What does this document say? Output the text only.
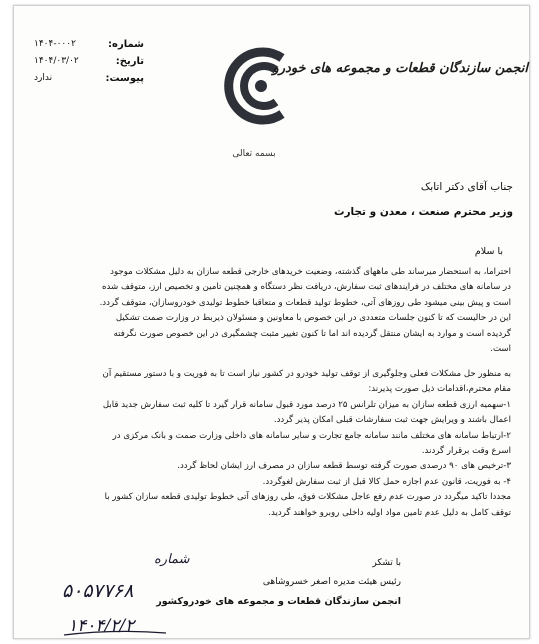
شماره:
۱۴۰۴-۰۰۰۲
تاریخ:
۱۴۰۴/۰۳/۰۲
پیوست:
ندارد
انجمن سازندگان قطعات و مجموعه های خودرو
بسمه تعالی
جناب آقای دکتر اتابک
وزیر محترم صنعت ، معدن و تجارت
با سلام

احتراما، به استحضار میرساند طی ماههای گذشته، وضعیت خریدهای خارجی قطعه سازان به دلیل مشکلات موجود

در سامانه های مختلف در فرایندهای ثبت سفارش، دریافت نظر دستگاه و همچنین تامین و تخصیص ارز، متوقف شده

است و پیش بینی میشود طی روزهای آتی، خطوط تولید قطعات و متعاقبا خطوط تولیدی خودروسازان، متوقف گردد.

این در حالیست که تا کنون جلسات متعددی در این خصوص با معاونین و مسئولان ذیربط در وزارت صمت تشکیل

گردیده است و موارد به ایشان منتقل گردیده اند اما تا کنون تغییر مثبت چشمگیری در این خصوص صورت نگرفته

است.

به منظور حل مشکلات فعلی وجلوگیری از توقف تولید خودرو در کشور نیاز است تا به فوریت و با دستور مستقیم آن

مقام محترم،اقدامات ذیل صورت پذیرند:

۱-سهمیه ارزی قطعه سازان به میزان تلرانس ۲۵ درصد مورد قبول سامانه قرار گیرد تا کلیه ثبت سفارش جدید قابل

اعمال باشند و ویرایش جهت ثبت سفارشات قبلی امکان پذیر گردد.

۲-ارتباط سامانه های مختلف مانند سامانه جامع تجارت و سایر سامانه های داخلی وزارت صمت و بانک مرکزی در

اسرع وقت برقرار گردند.

۳-ترخیص های ۹۰ درصدی صورت گرفته توسط قطعه سازان در مصرف ارز ایشان لحاظ گردد.

۴- به فوریت، قانون عدم اجازه حمل کالا قبل از ثبت سفارش لغوگردد.

مجددا تاکید میگردد در صورت عدم رفع عاجل مشکلات فوق، طی روزهای آتی خطوط تولیدی قطعه سازان کشور با

توقف کامل به دلیل عدم تامین مواد اولیه داخلی روبرو خواهند گردید.

با تشکر
رئیس هیئت مدیره اصغر خسروشاهی
انجمن سازندگان قطعات و مجموعه های خودروکشور
شماره
۵۰۵۷۷۶۸
۱۴۰۴/۲/۲
